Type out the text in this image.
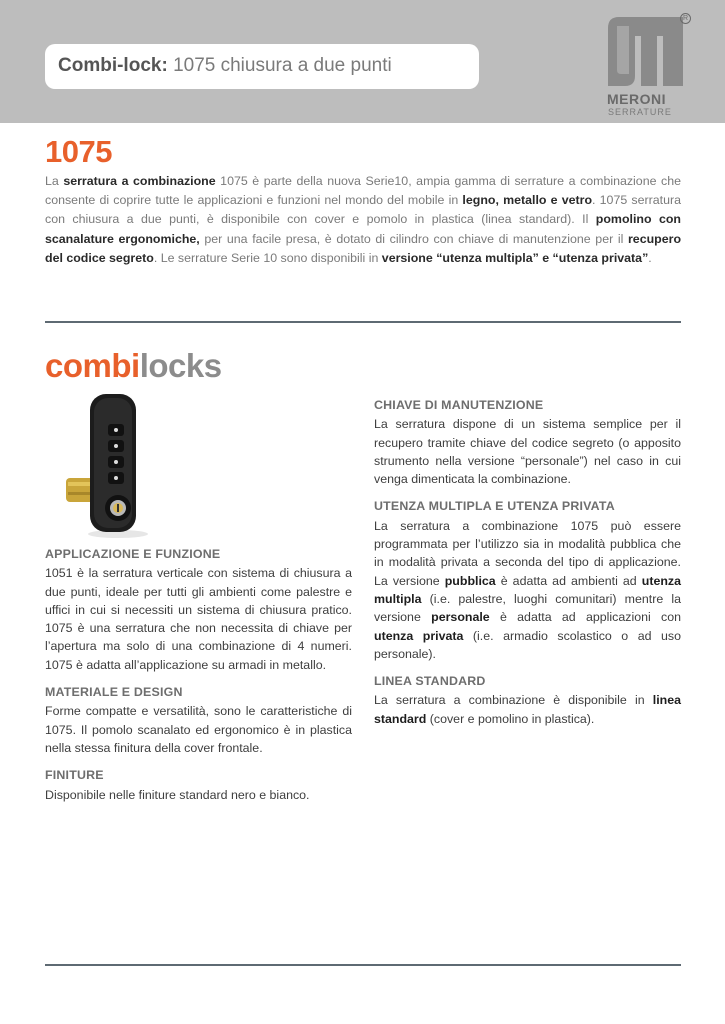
Combi-lock: 1075 chiusura a due punti
R
MERONI
SERRATURE
1075
La serratura a combinazione 1075 è parte della nuova Serie10, ampia gamma di serrature a combinazione che consente di coprire tutte le applicazioni e funzioni nel mondo del mobile in legno, metallo e vetro. 1075 serratura con chiusura a due punti, è disponibile con cover e pomolo in plastica (linea standard). Il pomolino con scanalature ergonomiche, per una facile presa, è dotato di cilindro con chiave di manutenzione per il recupero del codice segreto. Le serrature Serie 10 sono disponibili in versione “utenza multipla” e “utenza privata”.
combilocks
APPLICAZIONE E FUNZIONE

1051 è la serratura verticale con sistema di chiusura a due punti, ideale per tutti gli ambienti come palestre e uffici in cui si necessiti un sistema di chiusura pratico. 1075 è una serratura che non necessita di chiave per l’apertura ma solo di una combinazione di 4 numeri. 1075 è adatta all’applicazione su armadi in metallo.

MATERIALE E DESIGN

Forme compatte e versatilità, sono le caratteristiche di 1075. Il pomolo scanalato ed ergonomico è in plastica nella stessa finitura della cover frontale.

FINITURE

Disponibile nelle finiture standard nero e bianco.

CHIAVE DI MANUTENZIONE

La serratura dispone di un sistema semplice per il recupero tramite chiave del codice segreto (o apposito strumento nella versione “personale”) nel caso in cui venga dimenticata la combinazione.

UTENZA MULTIPLA E UTENZA PRIVATA

La serratura a combinazione 1075 può essere programmata per l’utilizzo sia in modalità pubblica che in modalità privata a seconda del tipo di applicazione. La versione pubblica è adatta ad ambienti ad utenza multipla (i.e. palestre, luoghi comunitari) mentre la versione personale è adatta ad applicazioni con utenza privata (i.e. armadio scolastico o ad uso personale).

LINEA STANDARD

La serratura a combinazione è disponibile in linea standard (cover e pomolino in plastica).
